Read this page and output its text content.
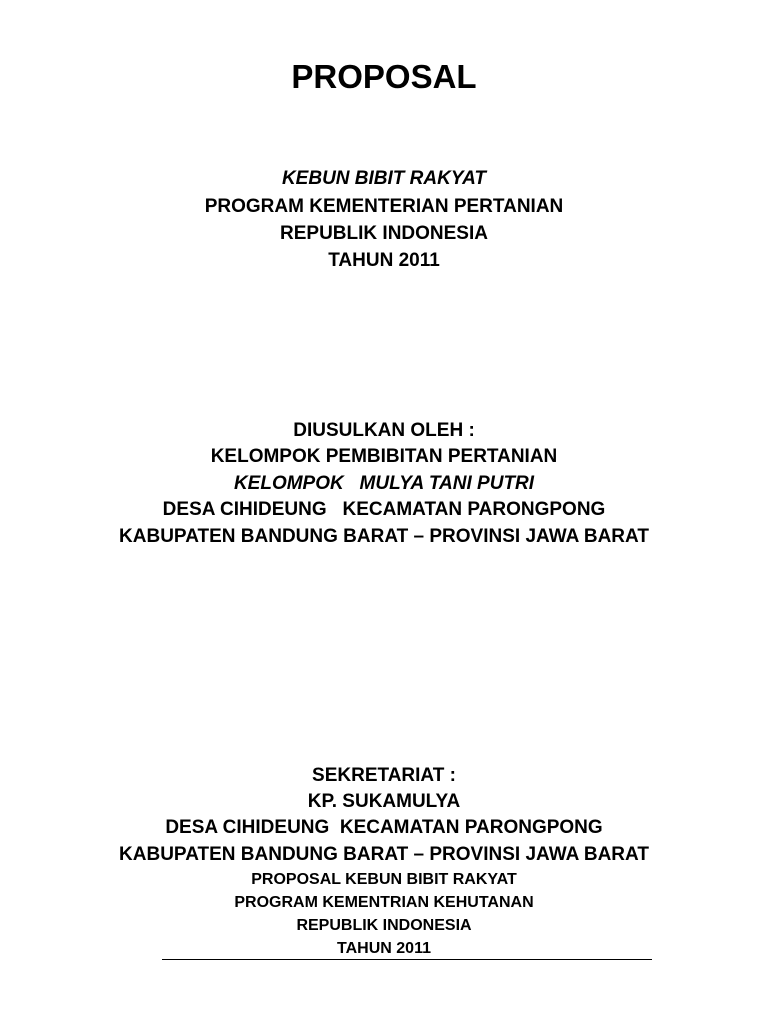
PROPOSAL
KEBUN BIBIT RAKYAT
PROGRAM KEMENTERIAN PERTANIAN
REPUBLIK INDONESIA
TAHUN 2011
DIUSULKAN OLEH :
KELOMPOK PEMBIBITAN PERTANIAN
KELOMPOK   MULYA TANI PUTRI
DESA CIHIDEUNG   KECAMATAN PARONGPONG
KABUPATEN BANDUNG BARAT – PROVINSI JAWA BARAT
SEKRETARIAT :
KP. SUKAMULYA
DESA CIHIDEUNG  KECAMATAN PARONGPONG
KABUPATEN BANDUNG BARAT – PROVINSI JAWA BARAT
PROPOSAL KEBUN BIBIT RAKYAT
PROGRAM KEMENTRIAN KEHUTANAN
REPUBLIK INDONESIA
TAHUN 2011
